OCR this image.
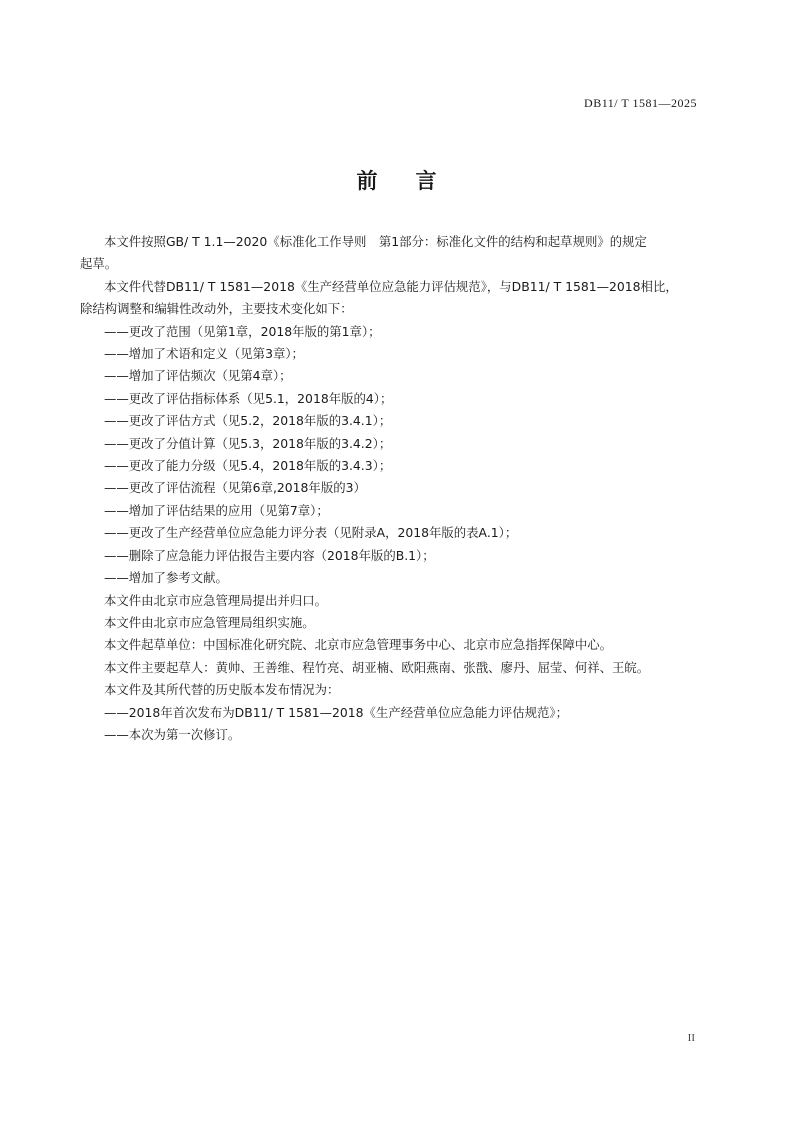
DB11/ T 1581—2025
前言
本文件按照GB/ T 1.1—2020《标准化工作导则　第1部分：标准化文件的结构和起草规则》的规定
起草。
本文件代替DB11/ T 1581—2018《生产经营单位应急能力评估规范》，与DB11/ T 1581—2018相比，
除结构调整和编辑性改动外，主要技术变化如下：
——更改了范围（见第1章，2018年版的第1章）；
——增加了术语和定义（见第3章）；
——增加了评估频次（见第4章）；
——更改了评估指标体系（见5.1，2018年版的4）；
——更改了评估方式（见5.2，2018年版的3.4.1）；
——更改了分值计算（见5.3，2018年版的3.4.2）；
——更改了能力分级（见5.4，2018年版的3.4.3）；
——更改了评估流程（见第6章,2018年版的3）
——增加了评估结果的应用（见第7章）；
——更改了生产经营单位应急能力评分表（见附录A，2018年版的表A.1）；
——删除了应急能力评估报告主要内容（2018年版的B.1）；
——增加了参考文献。
本文件由北京市应急管理局提出并归口。
本文件由北京市应急管理局组织实施。
本文件起草单位：中国标准化研究院、北京市应急管理事务中心、北京市应急指挥保障中心。
本文件主要起草人：黄帅、王善维、程竹亮、胡亚楠、欧阳燕南、张戬、廖丹、屈莹、何祥、王皖。
本文件及其所代替的历史版本发布情况为：
——2018年首次发布为DB11/ T 1581—2018《生产经营单位应急能力评估规范》；
——本次为第一次修订。
II
